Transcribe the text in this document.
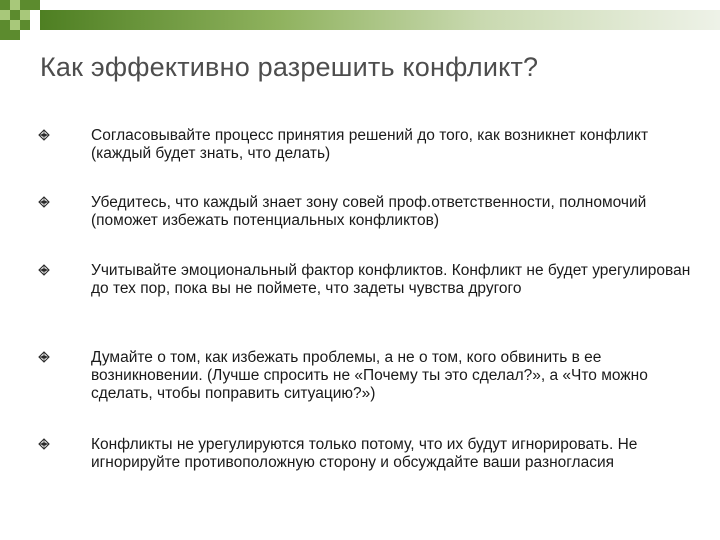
Как эффективно разрешить конфликт?
Согласовывайте процесс принятия решений до того, как возникнет конфликт (каждый будет знать, что делать)
Убедитесь, что каждый знает зону совей проф.ответственности, полномочий (поможет избежать потенциальных конфликтов)
Учитывайте эмоциональный фактор конфликтов. Конфликт не будет урегулирован до тех пор, пока вы не поймете, что задеты чувства другого
Думайте о том, как избежать проблемы, а не о том, кого обвинить в ее возникновении. (Лучше спросить не «Почему ты это сделал?», а «Что можно сделать, чтобы поправить ситуацию?»)
Конфликты не урегулируются только потому, что их будут игнорировать. Не игнорируйте противоположную сторону и обсуждайте ваши разногласия
